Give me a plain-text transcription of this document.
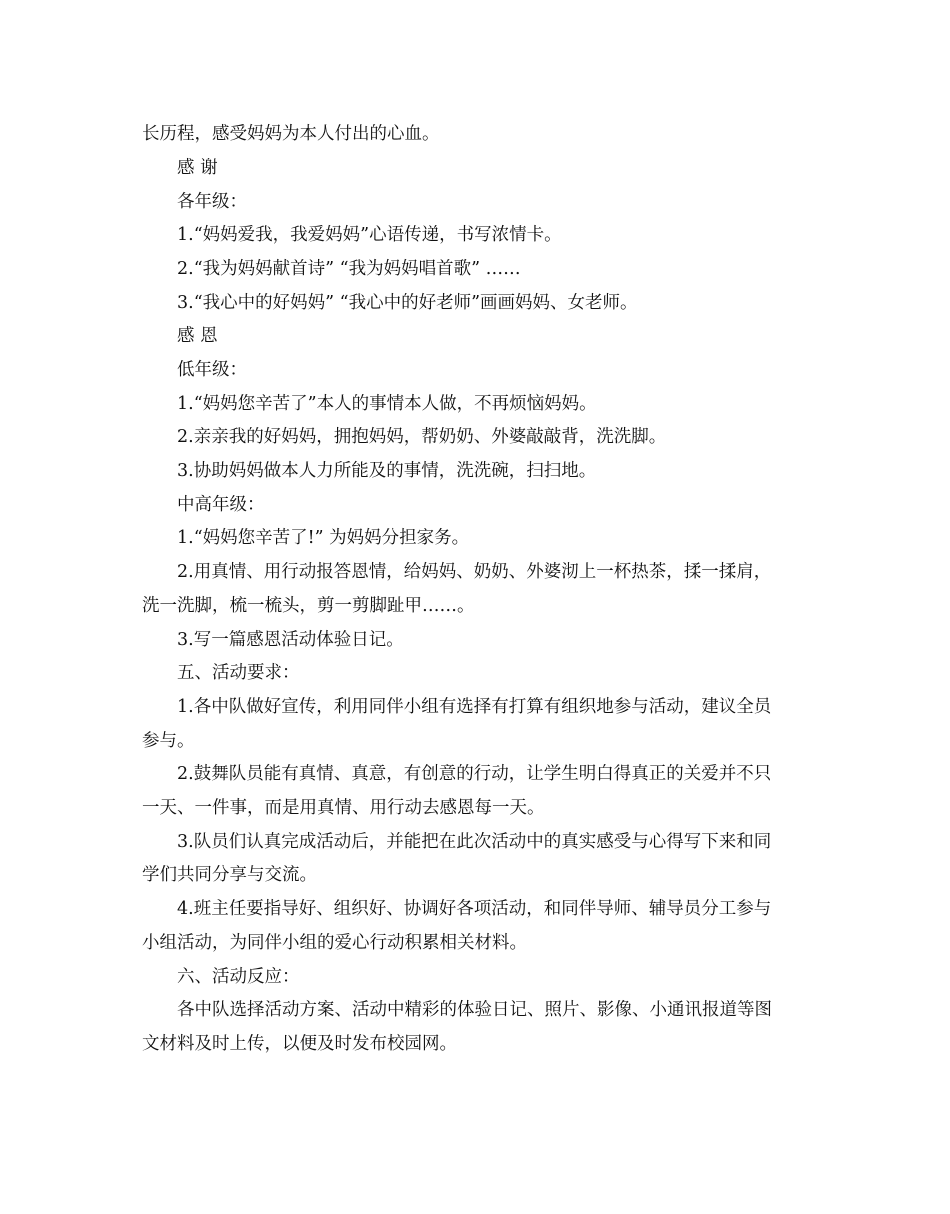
长历程，感受妈妈为本人付出的心血。
感 谢
各年级：
1.“妈妈爱我，我爱妈妈”心语传递，书写浓情卡。
2.“我为妈妈献首诗” “我为妈妈唱首歌” ……
3.“我心中的好妈妈” “我心中的好老师”画画妈妈、女老师。
感 恩
低年级：
1.“妈妈您辛苦了”本人的事情本人做，不再烦恼妈妈。
2.亲亲我的好妈妈，拥抱妈妈，帮奶奶、外婆敲敲背，洗洗脚。
3.协助妈妈做本人力所能及的事情，洗洗碗，扫扫地。
中高年级：
1.“妈妈您辛苦了!” 为妈妈分担家务。
2.用真情、用行动报答恩情，给妈妈、奶奶、外婆沏上一杯热茶，揉一揉肩，
洗一洗脚，梳一梳头，剪一剪脚趾甲……。
3.写一篇感恩活动体验日记。
五、活动要求：
1.各中队做好宣传，利用同伴小组有选择有打算有组织地参与活动，建议全员
参与。
2.鼓舞队员能有真情、真意，有创意的行动，让学生明白得真正的关爱并不只
一天、一件事，而是用真情、用行动去感恩每一天。
3.队员们认真完成活动后，并能把在此次活动中的真实感受与心得写下来和同
学们共同分享与交流。
4.班主任要指导好、组织好、协调好各项活动，和同伴导师、辅导员分工参与
小组活动，为同伴小组的爱心行动积累相关材料。
六、活动反应：
各中队选择活动方案、活动中精彩的体验日记、照片、影像、小通讯报道等图
文材料及时上传，以便及时发布校园网。
